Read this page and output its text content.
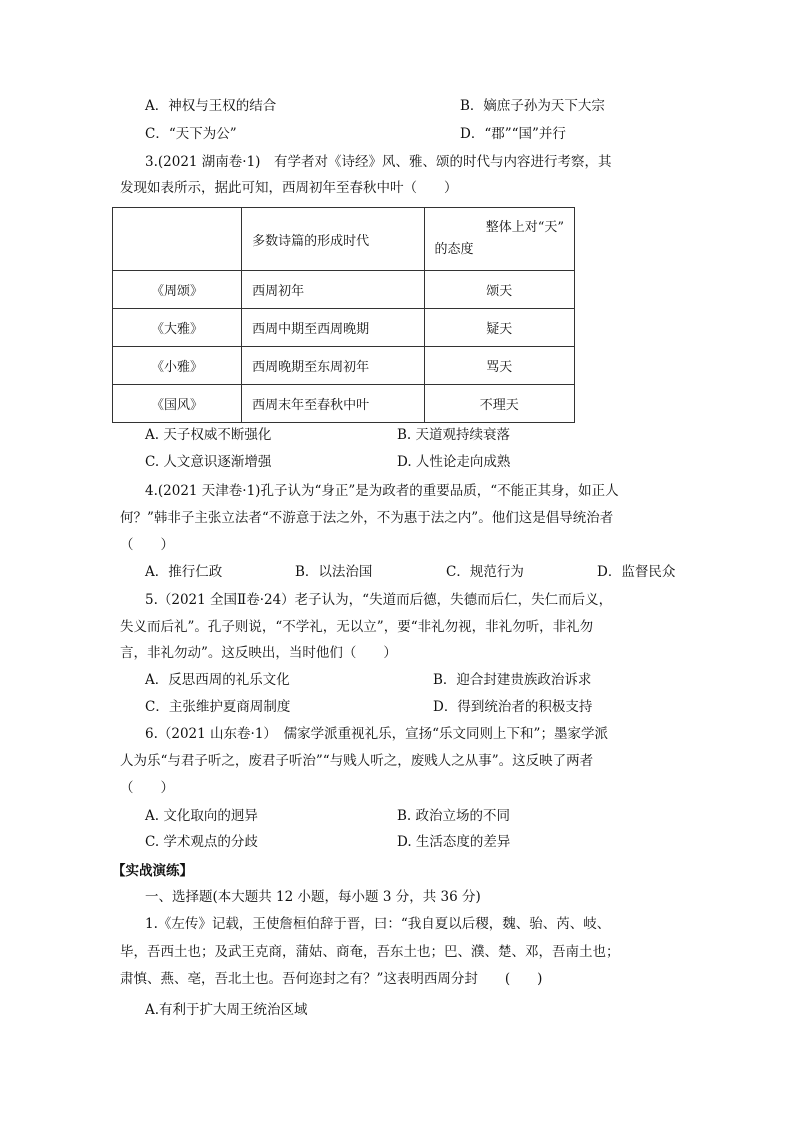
A．神权与王权的结合	B．嫡庶子孙为天下大宗
C．“天下为公”	D．“郡”“国”并行
3.(2021 湖南卷·1)　有学者对《诗经》风、雅、颂的时代与内容进行考察，其
发现如表所示，据此可知，西周初年至春秋中叶（　　）
	多数诗篇的形成时代	整体上对“天”
的态度

《周颂》	西周初年	颂天
《大雅》	西周中期至西周晚期	疑天
《小雅》	西周晚期至东周初年	骂天
《国风》	西周末年至春秋中叶	不理天
A. 天子权威不断强化	B. 天道观持续衰落
C. 人文意识逐渐增强	D. 人性论走向成熟
4.(2021 天津卷·1)孔子认为“身正”是为政者的重要品质，“不能正其身，如正人
何？”韩非子主张立法者“不游意于法之外，不为惠于法之内”。他们这是倡导统治者
（　　）
A．推行仁政	B．以法治国	C．规范行为	D．监督民众
5.（2021 全国Ⅱ卷·24）老子认为，“失道而后德，失德而后仁，失仁而后义，
失义而后礼”。孔子则说，“不学礼，无以立”，要“非礼勿视，非礼勿听，非礼勿
言，非礼勿动”。这反映出，当时他们（　　）
A．反思西周的礼乐文化	B．迎合封建贵族政治诉求
C．主张维护夏商周制度	D．得到统治者的积极支持
6.（2021 山东卷·1）　儒家学派重视礼乐，宣扬“乐文同则上下和”；墨家学派
人为乐“与君子听之，废君子听治”“与贱人听之，废贱人之从事”。这反映了两者
（　　）
A. 文化取向的迥异	B. 政治立场的不同
C. 学术观点的分歧	D. 生活态度的差异
【实战演练】
一、选择题(本大题共 12 小题，每小题 3 分，共 36 分)
1.《左传》记载，王使詹桓伯辞于晋，曰：“我自夏以后稷，魏、骀、芮、岐、
毕，吾西土也；及武王克商，蒲姑、商奄，吾东土也；巴、濮、楚、邓，吾南土也；
肃慎、燕、亳，吾北土也。吾何迩封之有？”这表明西周分封　　(　　)
A.有利于扩大周王统治区域
